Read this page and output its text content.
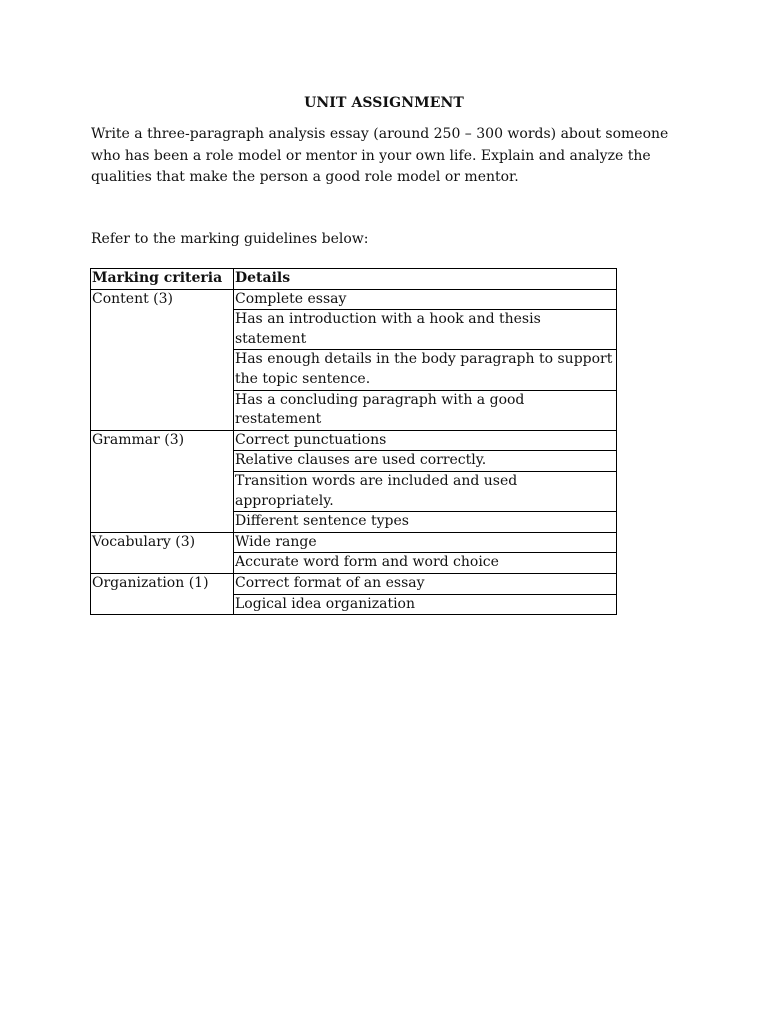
UNIT ASSIGNMENT

Write a three-paragraph analysis essay (around 250 – 300 words) about someone who has been a role model or mentor in your own life. Explain and analyze the qualities that make the person a good role model or mentor.

Refer to the marking guidelines below:

Marking criteria	Details
Content (3)	Complete essay
	Has an introduction with a hook and thesis statement
	Has enough details in the body paragraph to support the topic sentence.
	Has a concluding paragraph with a good restatement
Grammar (3)	Correct punctuations
	Relative clauses are used correctly.
	Transition words are included and used appropriately.
	Different sentence types
Vocabulary (3)	Wide range
	Accurate word form and word choice
Organization (1)	Correct format of an essay
	Logical idea organization
